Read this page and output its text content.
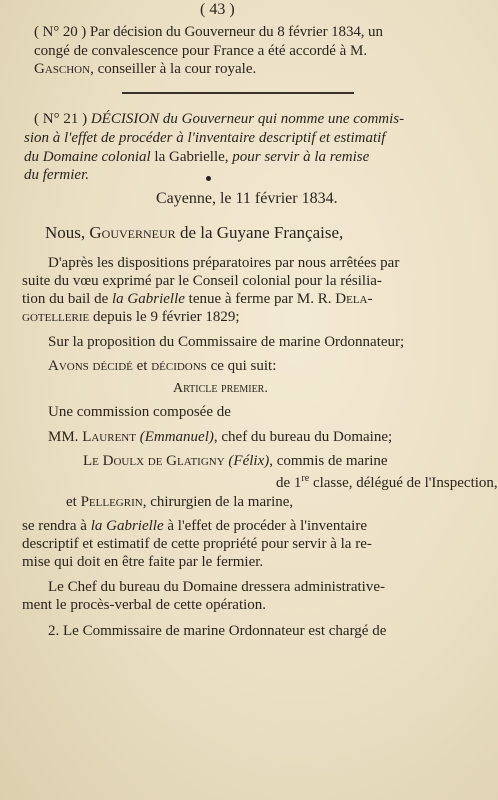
( 43 )
( N° 20 ) Par décision du Gouverneur du 8 février 1834, un
congé de convalescence pour France a été accordé à M.
Gaschon, conseiller à la cour royale.
( N° 21 ) DÉCISION du Gouverneur qui nomme une commis-
sion à l'effet de procéder à l'inventaire descriptif et estimatif
du Domaine colonial la Gabrielle, pour servir à la remise
du fermier.
Cayenne, le 11 février 1834.
Nous, Gouverneur de la Guyane Française,
D'après les dispositions préparatoires par nous arrêtées par
suite du vœu exprimé par le Conseil colonial pour la résilia-
tion du bail de la Gabrielle tenue à ferme par M. R. Dela-
gotellerie depuis le 9 février 1829;
Sur la proposition du Commissaire de marine Ordonnateur;
Avons décidé et décidons ce qui suit:
Article premier.
Une commission composée de
MM. Laurent (Emmanuel), chef du bureau du Domaine;
Le Doulx de Glatigny (Félix), commis de marine
de 1re classe, délégué de l'Inspection,
et Pellegrin, chirurgien de la marine,
se rendra à la Gabrielle à l'effet de procéder à l'inventaire
descriptif et estimatif de cette propriété pour servir à la re-
mise qui doit en être faite par le fermier.
Le Chef du bureau du Domaine dressera administrative-
ment le procès-verbal de cette opération.
2. Le Commissaire de marine Ordonnateur est chargé de
